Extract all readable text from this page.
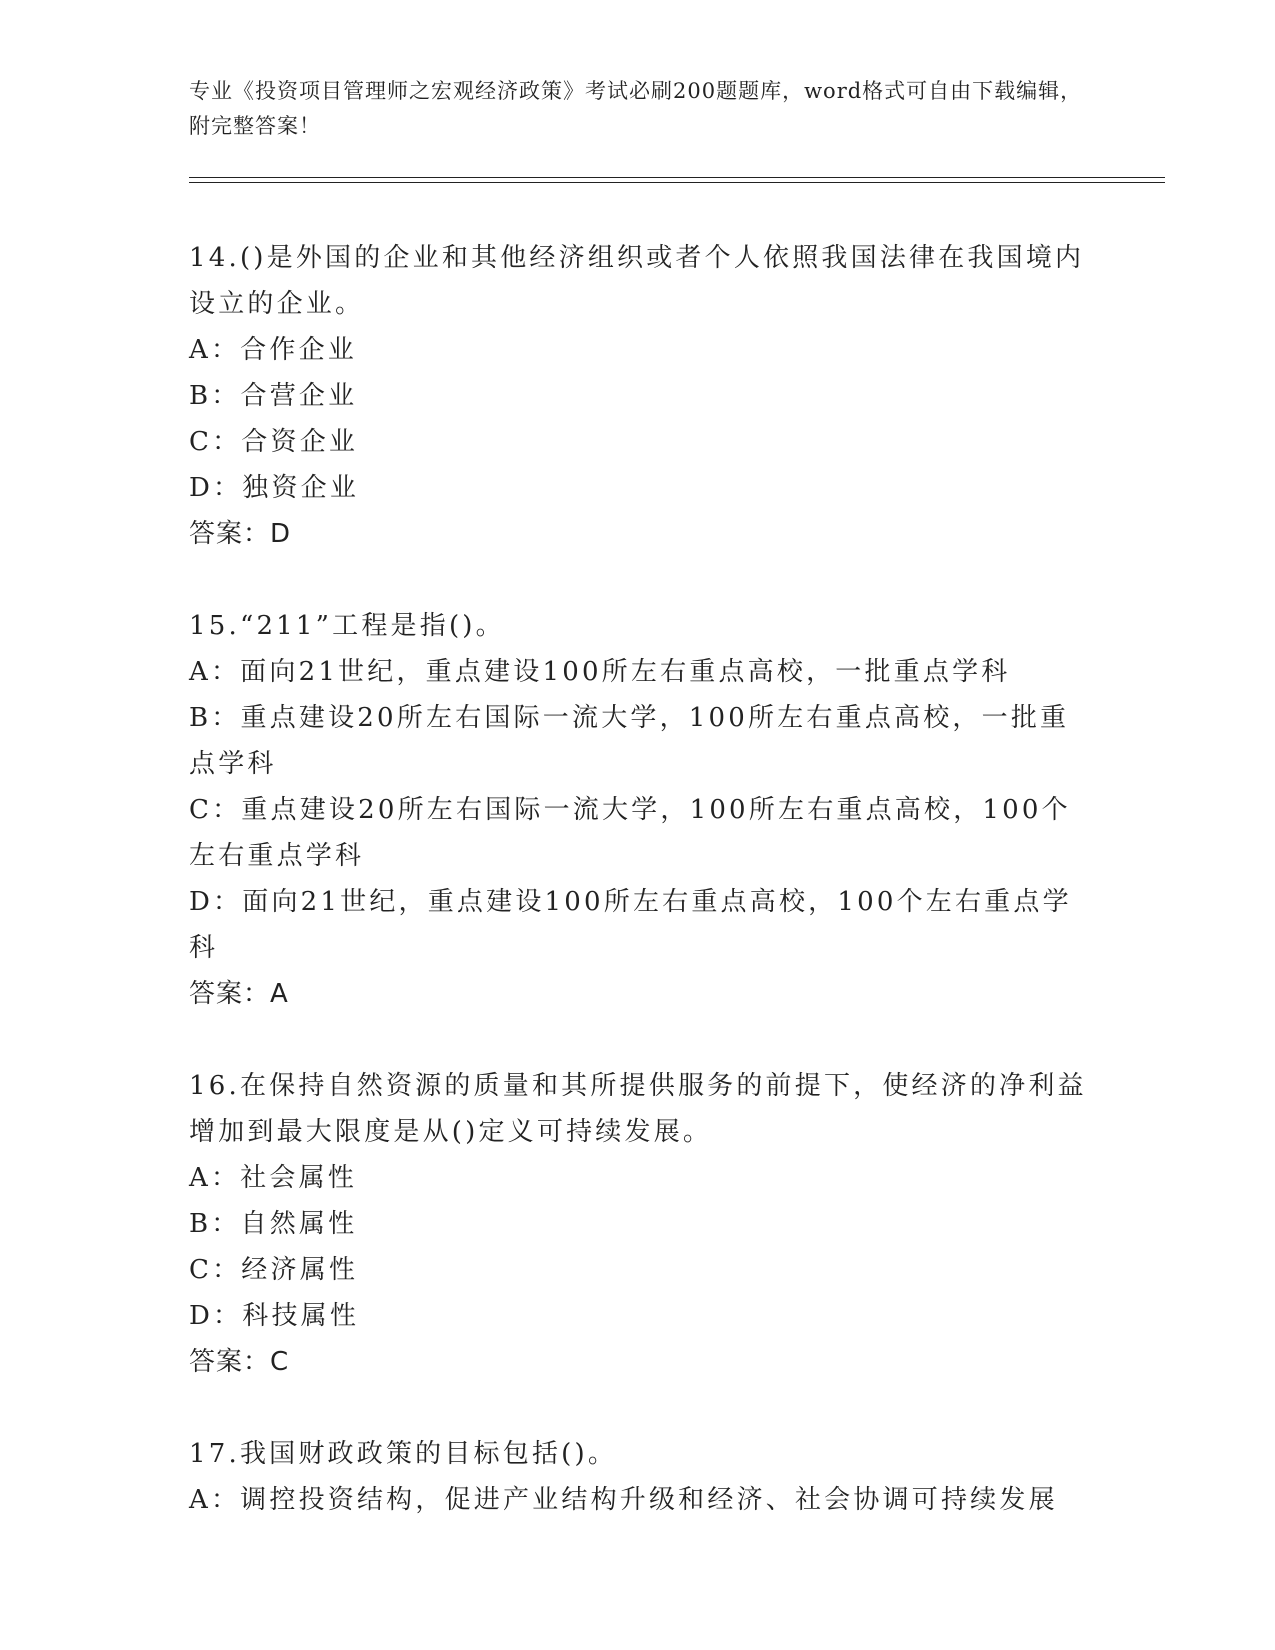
专业《投资项目管理师之宏观经济政策》考试必刷200题题库，word格式可自由下载编辑，附完整答案！
14.()是外国的企业和其他经济组织或者个人依照我国法律在我国境内设立的企业。
A：合作企业
B：合营企业
C：合资企业
D：独资企业
答案：D
15.“211”工程是指()。
A：面向21世纪，重点建设100所左右重点高校，一批重点学科
B：重点建设20所左右国际一流大学，100所左右重点高校，一批重点学科
C：重点建设20所左右国际一流大学，100所左右重点高校，100个左右重点学科
D：面向21世纪，重点建设100所左右重点高校，100个左右重点学科
答案：A
16.在保持自然资源的质量和其所提供服务的前提下，使经济的净利益增加到最大限度是从()定义可持续发展。
A：社会属性
B：自然属性
C：经济属性
D：科技属性
答案：C
17.我国财政政策的目标包括()。
A：调控投资结构，促进产业结构升级和经济、社会协调可持续发展
